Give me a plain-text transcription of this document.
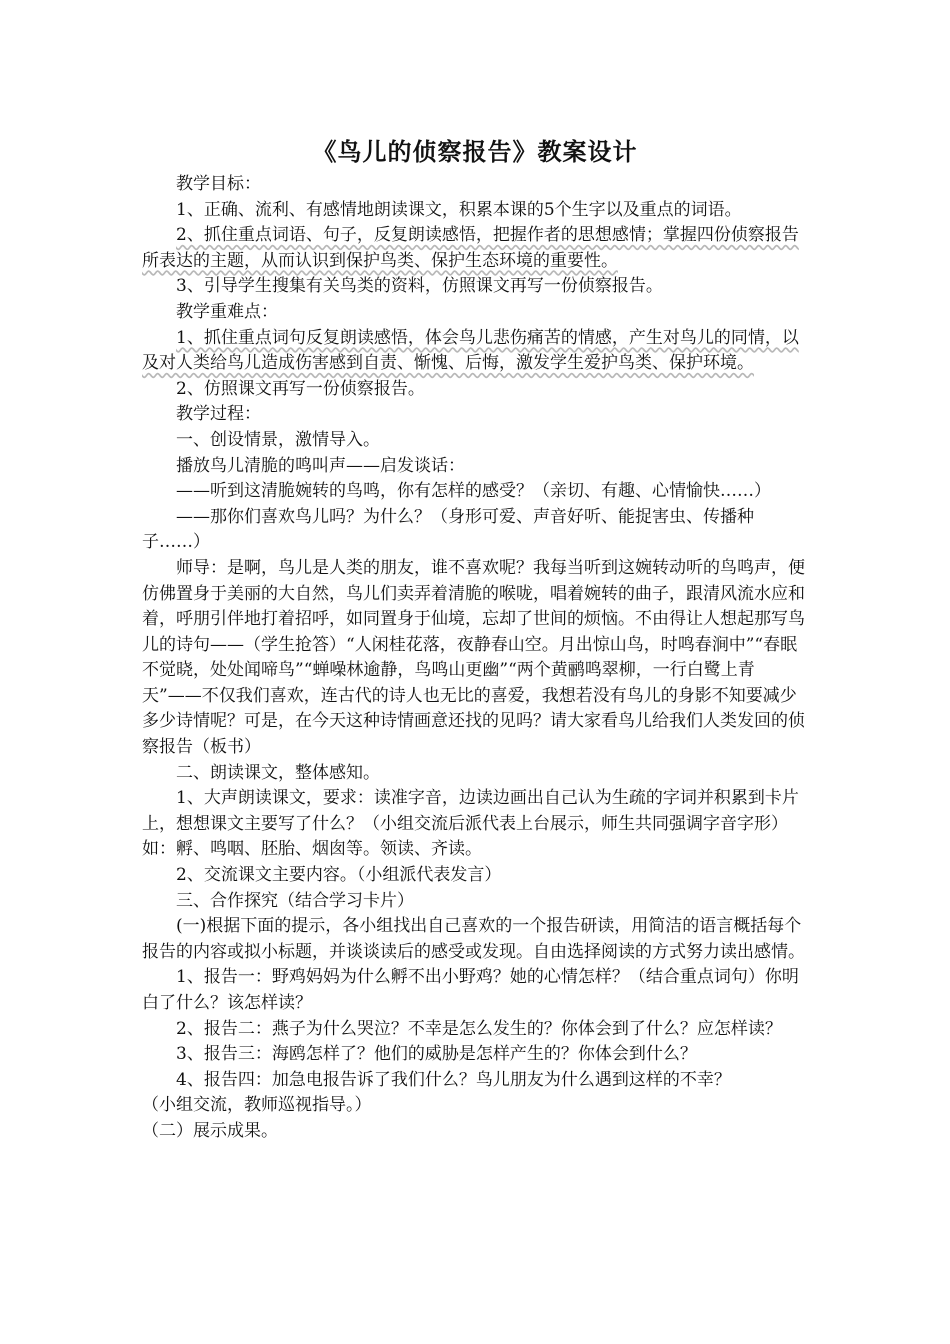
《鸟儿的侦察报告》教案设计

教学目标：

1、正确、流利、有感情地朗读课文，积累本课的5个生字以及重点的词语。

2、抓住重点词语、句子，反复朗读感悟，把握作者的思想感情；掌握四份侦察报告所表达的主题，从而认识到保护鸟类、保护生态环境的重要性。

3、引导学生搜集有关鸟类的资料，仿照课文再写一份侦察报告。

教学重难点：

1、抓住重点词句反复朗读感悟，体会鸟儿悲伤痛苦的情感，产生对鸟儿的同情，以及对人类给鸟儿造成伤害感到自责、惭愧、后悔，激发学生爱护鸟类、保护环境。

2、仿照课文再写一份侦察报告。

教学过程：

一、创设情景，激情导入。

播放鸟儿清脆的鸣叫声——启发谈话：

——听到这清脆婉转的鸟鸣，你有怎样的感受？（亲切、有趣、心情愉快……）

——那你们喜欢鸟儿吗？为什么？（身形可爱、声音好听、能捉害虫、传播种子……）

师导：是啊，鸟儿是人类的朋友，谁不喜欢呢？我每当听到这婉转动听的鸟鸣声，便仿佛置身于美丽的大自然，鸟儿们卖弄着清脆的喉咙，唱着婉转的曲子，跟清风流水应和着，呼朋引伴地打着招呼，如同置身于仙境，忘却了世间的烦恼。不由得让人想起那写鸟儿的诗句——（学生抢答）“人闲桂花落，夜静春山空。月出惊山鸟，时鸣春涧中”“春眠不觉晓，处处闻啼鸟”“蝉噪林逾静，鸟鸣山更幽”“两个黄鹂鸣翠柳，一行白鹭上青天”——不仅我们喜欢，连古代的诗人也无比的喜爱，我想若没有鸟儿的身影不知要减少多少诗情呢？可是，在今天这种诗情画意还找的见吗？请大家看鸟儿给我们人类发回的侦察报告（板书）

二、朗读课文，整体感知。

1、大声朗读课文，要求：读准字音，边读边画出自己认为生疏的字词并积累到卡片上，想想课文主要写了什么？（小组交流后派代表上台展示，师生共同强调字音字形）如：孵、鸣咽、胚胎、烟囱等。领读、齐读。

2、交流课文主要内容。（小组派代表发言）

三、合作探究（结合学习卡片）

(一)根据下面的提示，各小组找出自己喜欢的一个报告研读，用简洁的语言概括每个报告的内容或拟小标题，并谈谈读后的感受或发现。自由选择阅读的方式努力读出感情。

1、报告一：野鸡妈妈为什么孵不出小野鸡？她的心情怎样？（结合重点词句）你明白了什么？该怎样读？

2、报告二：燕子为什么哭泣？不幸是怎么发生的？你体会到了什么？应怎样读？

3、报告三：海鸥怎样了？他们的威胁是怎样产生的？你体会到什么？

4、报告四：加急电报告诉了我们什么？鸟儿朋友为什么遇到这样的不幸？

（小组交流，教师巡视指导。）

（二）展示成果。
